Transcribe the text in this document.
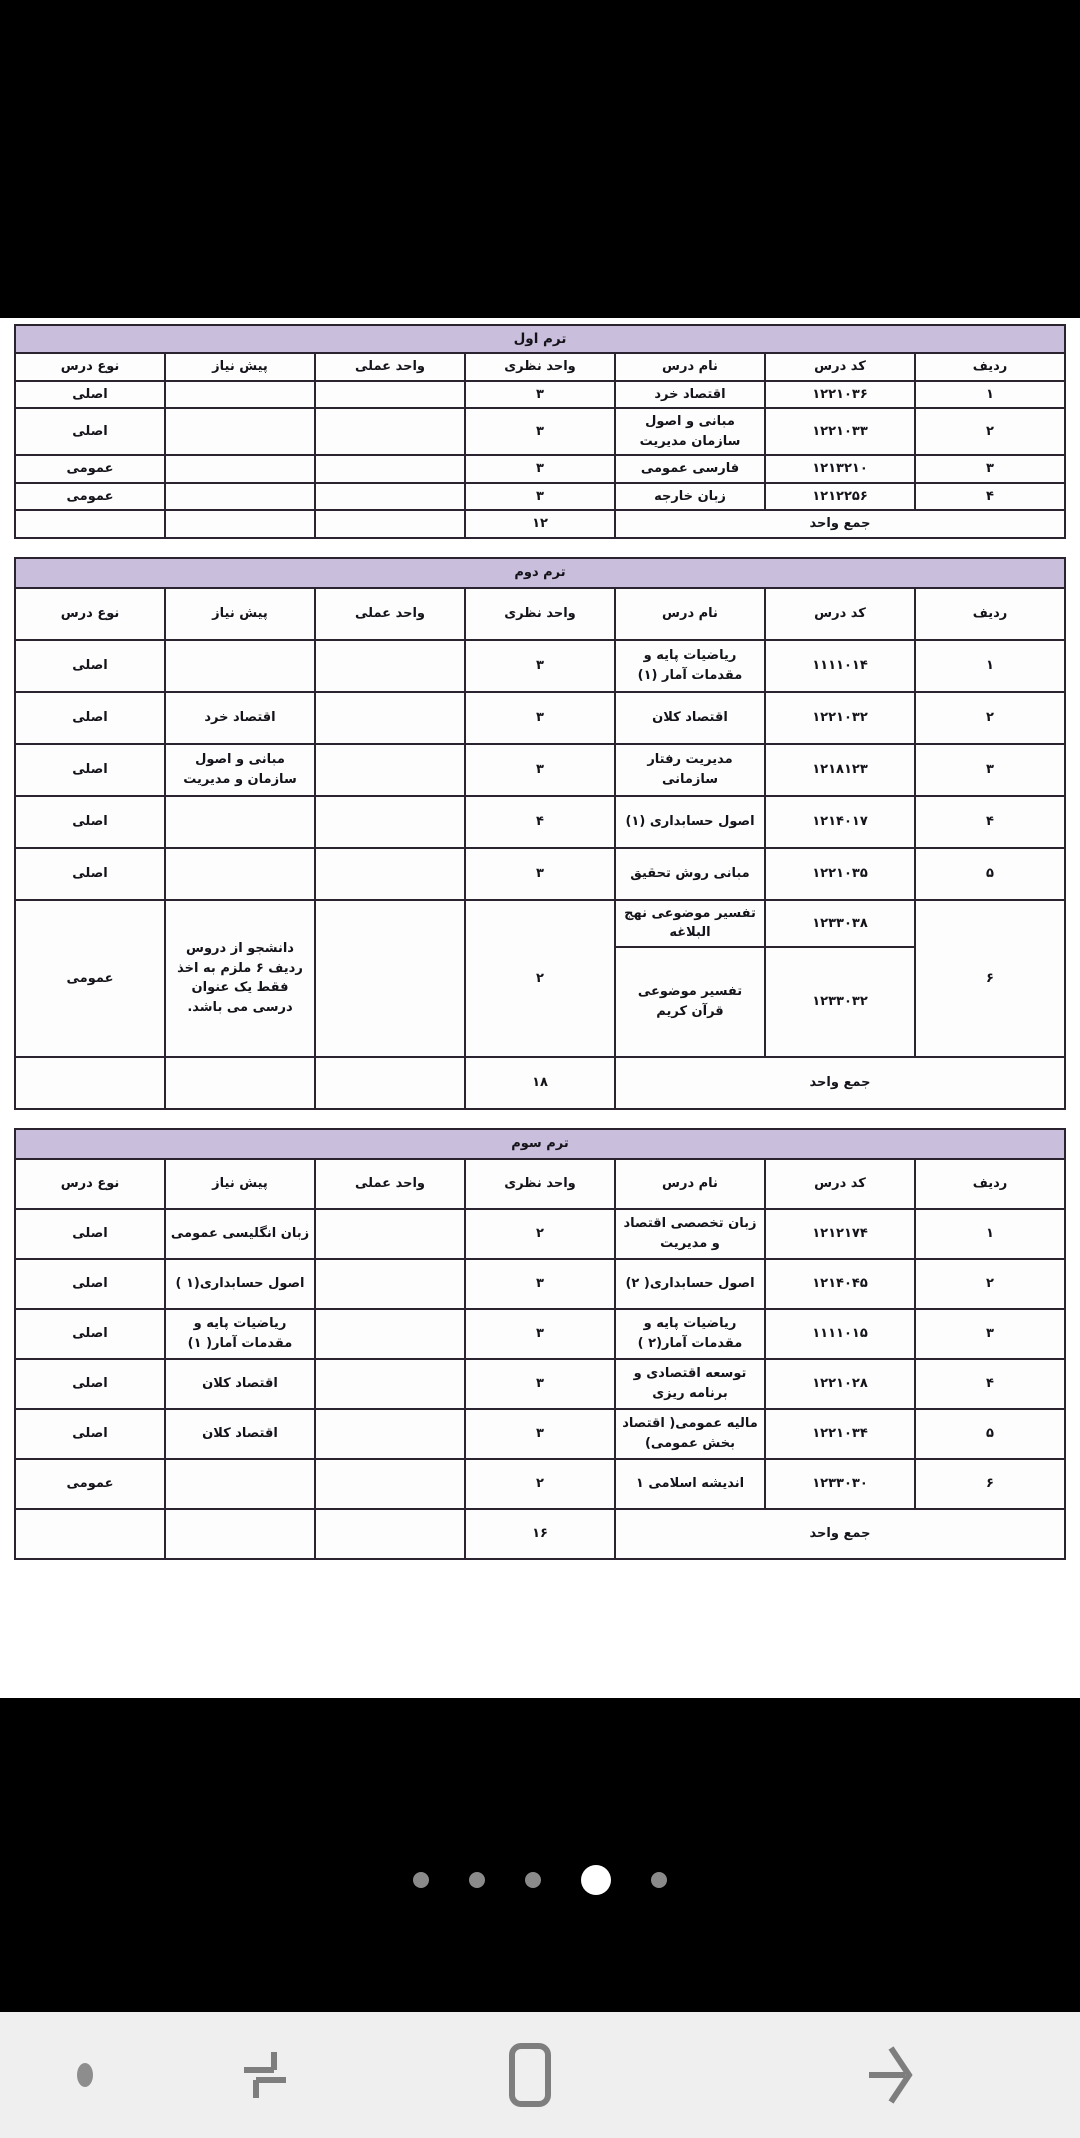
ترم اول						
ردیف	کد درس	نام درس	واحد نظری	واحد عملی	پیش نیاز	نوع درس
۱	۱۲۲۱۰۳۶	اقتصاد خرد	۳			اصلی
۲	۱۲۲۱۰۳۳	مبانی و اصول سازمان مدیریت	۳			اصلی
۳	۱۲۱۳۲۱۰	فارسی عمومی	۳			عمومی
۴	۱۲۱۲۲۵۶	زبان خارجه	۳			عمومی
جمع واحد			۱۲			
ترم دوم						
ردیف	کد درس	نام درس	واحد نظری	واحد عملی	پیش نیاز	نوع درس
۱	۱۱۱۱۰۱۴	ریاضیات پایه و مقدمات آمار (۱)	۳			اصلی
۲	۱۲۲۱۰۳۲	اقتصاد کلان	۳		اقتصاد خرد	اصلی
۳	۱۲۱۸۱۲۳	مدیریت رفتار سازمانی	۳		مبانی و اصول سازمان و مدیریت	اصلی
۴	۱۲۱۴۰۱۷	اصول حسابداری (۱)	۴			اصلی
۵	۱۲۲۱۰۳۵	مبانی روش تحقیق	۳			اصلی
۶	۱۲۳۳۰۳۸	تفسیر موضوعی نهج البلاغه	۲		دانشجو از دروس ردیف ۶ ملزم به اخذ فقط یک عنوان درسی می باشد.	عمومی
	۱۲۳۳۰۳۲	تفسیر موضوعی قرآن کریم				
جمع واحد			۱۸			
ترم سوم						
ردیف	کد درس	نام درس	واحد نظری	واحد عملی	پیش نیاز	نوع درس
۱	۱۲۱۲۱۷۴	زبان تخصصی اقتصاد و مدیریت	۲		زبان انگلیسی عمومی	اصلی
۲	۱۲۱۴۰۴۵	اصول حسابداری( ۲)	۳		اصول حسابداری(۱ )	اصلی
۳	۱۱۱۱۰۱۵	ریاضیات پایه و مقدمات آمار(۲ )	۳		ریاضیات پایه و مقدمات آمار( ۱)	اصلی
۴	۱۲۲۱۰۲۸	توسعه اقتصادی و برنامه ریزی	۳		اقتصاد کلان	اصلی
۵	۱۲۲۱۰۳۴	مالیه عمومی( اقتصاد بخش عمومی)	۳		اقتصاد کلان	اصلی
۶	۱۲۳۳۰۳۰	اندیشه اسلامی ۱	۲			عمومی
جمع واحد			۱۶			
